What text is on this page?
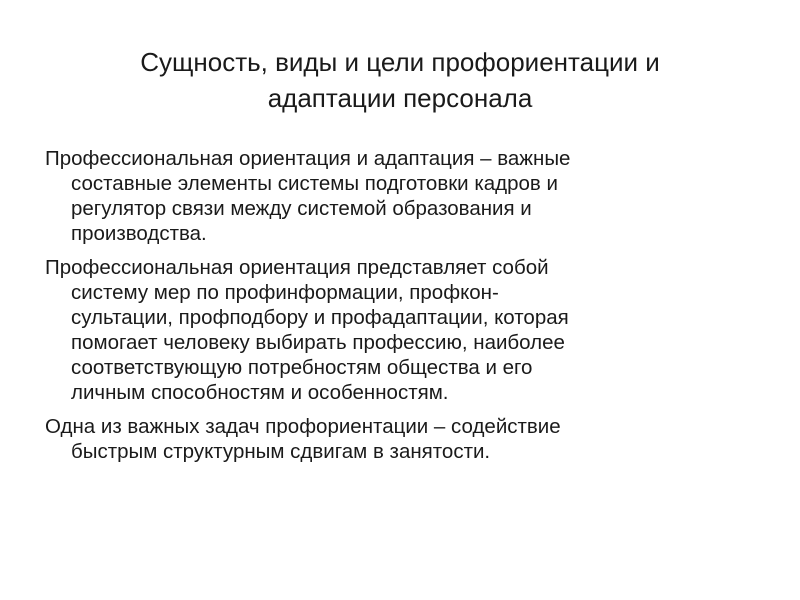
Сущность, виды и цели профориентации и
адаптации персонала
Профессиональная ориентация и адаптация – важные
составные элементы системы подготовки кадров и
регулятор связи между системой образования и
производства.
Профессиональная ориентация представляет собой
систему мер по профинформации, профкон-
сультации, профподбору и профадаптации, которая
помогает человеку выбирать профессию, наиболее
соответствующую потребностям общества и его
личным способностям и особенностям.
Одна из важных задач профориентации – содействие
быстрым структурным сдвигам в занятости.
